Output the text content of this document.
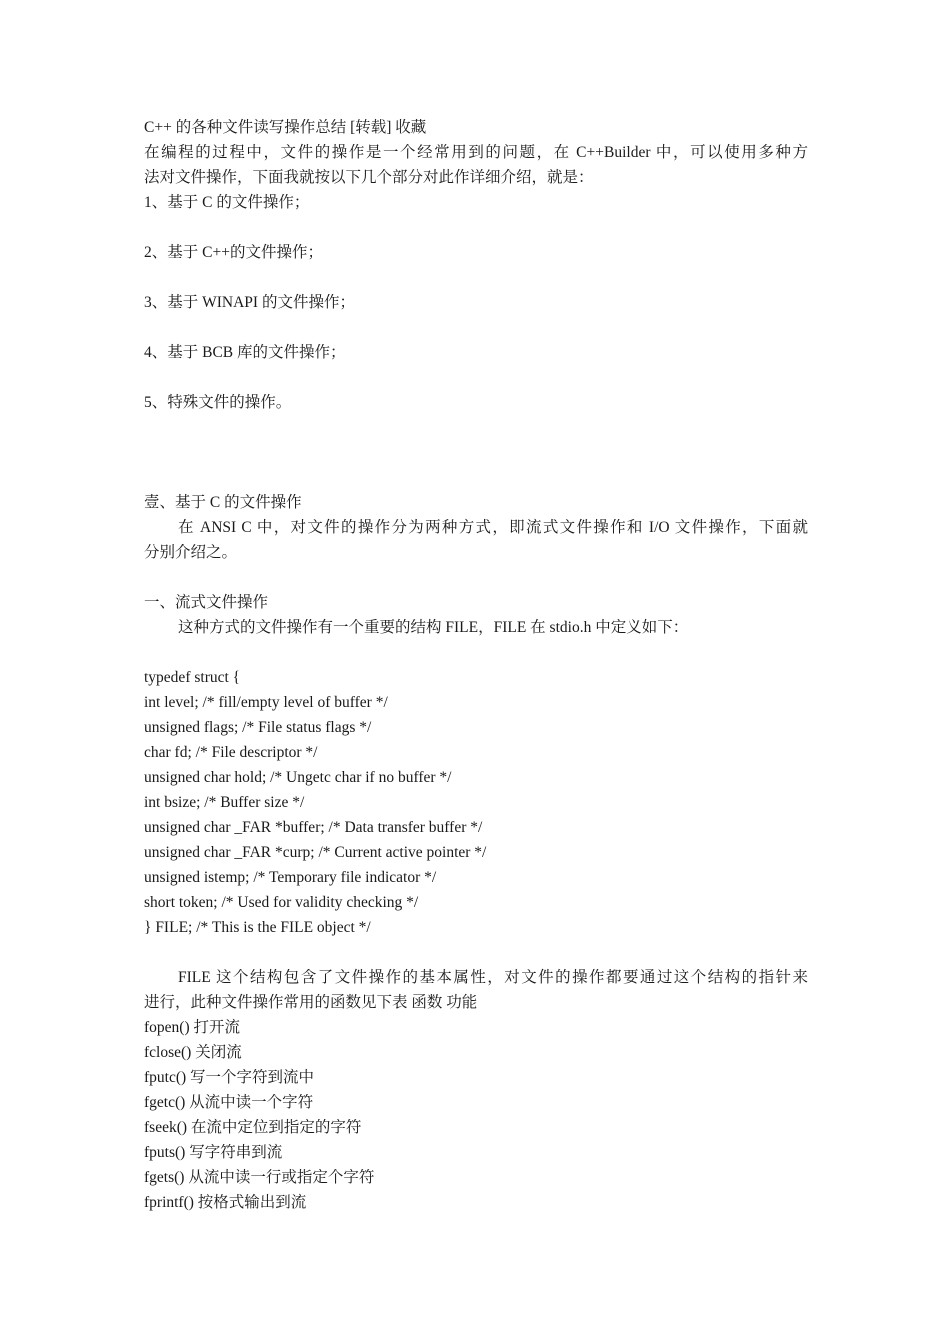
C++ 的各种文件读写操作总结 [转载] 收藏
在编程的过程中，文件的操作是一个经常用到的问题，在 C++Builder 中，可以使用多种方
法对文件操作，下面我就按以下几个部分对此作详细介绍，就是：
1、基于 C 的文件操作；
2、基于 C++的文件操作；
3、基于 WINAPI 的文件操作；
4、基于 BCB 库的文件操作；
5、特殊文件的操作。
壹、基于 C 的文件操作
在 ANSI C 中，对文件的操作分为两种方式，即流式文件操作和 I/O 文件操作，下面就
分别介绍之。
一、流式文件操作
这种方式的文件操作有一个重要的结构 FILE，FILE 在 stdio.h 中定义如下：
typedef struct {
int level; /* fill/empty level of buffer */
unsigned flags; /* File status flags */
char fd; /* File descriptor */
unsigned char hold; /* Ungetc char if no buffer */
int bsize; /* Buffer size */
unsigned char _FAR *buffer; /* Data transfer buffer */
unsigned char _FAR *curp; /* Current active pointer */
unsigned istemp; /* Temporary file indicator */
short token; /* Used for validity checking */
} FILE; /* This is the FILE object */
FILE 这个结构包含了文件操作的基本属性，对文件的操作都要通过这个结构的指针来
进行，此种文件操作常用的函数见下表 函数 功能
fopen() 打开流
fclose() 关闭流
fputc() 写一个字符到流中
fgetc() 从流中读一个字符
fseek() 在流中定位到指定的字符
fputs() 写字符串到流
fgets() 从流中读一行或指定个字符
fprintf() 按格式输出到流
